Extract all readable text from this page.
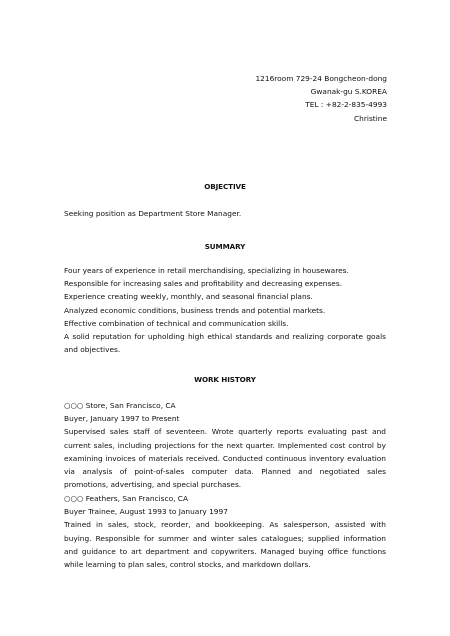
1216room 729-24 Bongcheon-dong
Gwanak-gu S.KOREA
TEL : +82-2-835-4993
Christine
OBJECTIVE
Seeking position as Department Store Manager.
SUMMARY
Four years of experience in retail merchandising, specializing in housewares.
Responsible for increasing sales and profitability and decreasing expenses.
Experience creating weekly, monthly, and seasonal financial plans.
Analyzed economic conditions, business trends and potential markets.
Effective combination of technical and communication skills.
A solid reputation for upholding high ethical standards and realizing corporate goals and objectives.
WORK HISTORY
○○○ Store, San Francisco, CA
Buyer, January 1997 to Present
Supervised sales staff of seventeen. Wrote quarterly reports evaluating past and current sales, including projections for the next quarter. Implemented cost control by examining invoices of materials received. Conducted continuous inventory evaluation via analysis of point-of-sales computer data. Planned and negotiated sales promotions, advertising, and special purchases.
○○○ Feathers, San Francisco, CA
Buyer Trainee, August 1993 to January 1997
Trained in sales, stock, reorder, and bookkeeping. As salesperson, assisted with buying. Responsible for summer and winter sales catalogues; supplied information and guidance to art department and copywriters. Managed buying office functions while learning to plan sales, control stocks, and markdown dollars.
